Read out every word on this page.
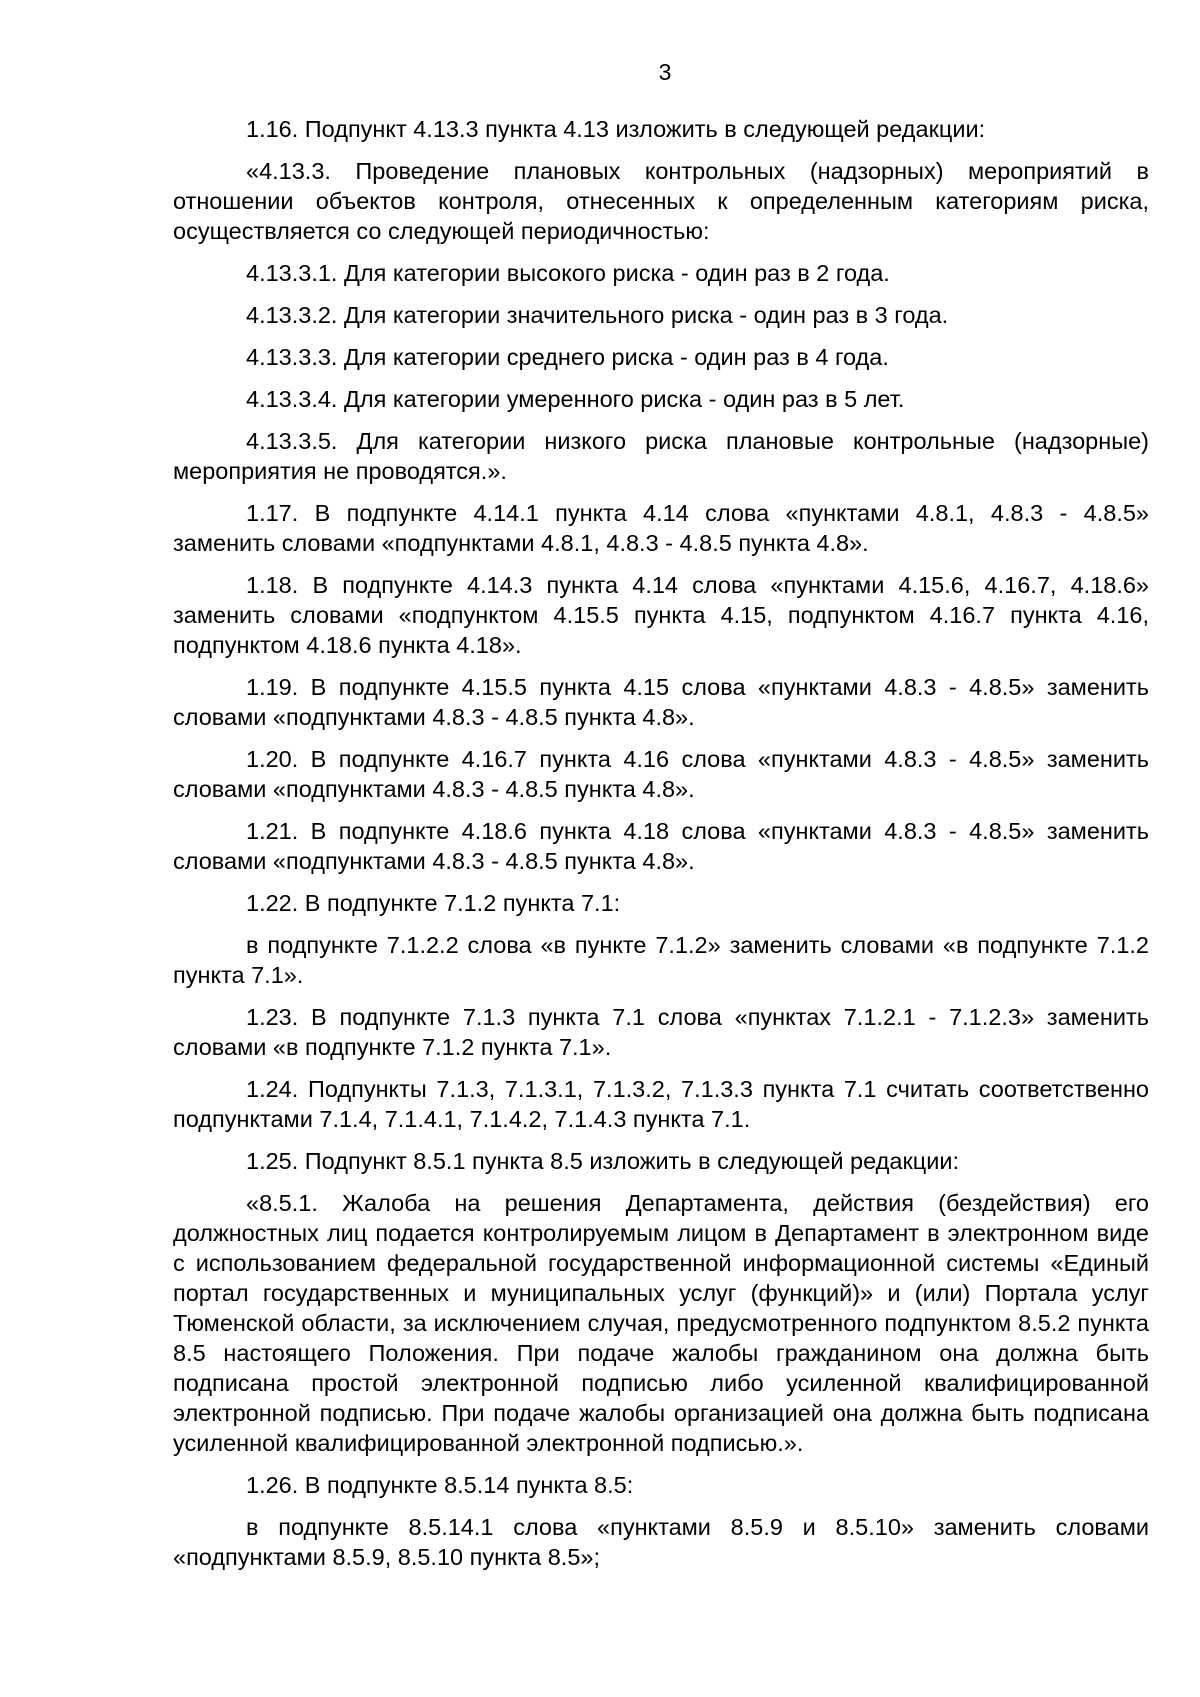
3

1.16. Подпункт 4.13.3 пункта 4.13 изложить в следующей редакции:

«4.13.3. Проведение плановых контрольных (надзорных) мероприятий в отношении объектов контроля, отнесенных к определенным категориям риска, осуществляется со следующей периодичностью:

4.13.3.1. Для категории высокого риска - один раз в 2 года.

4.13.3.2. Для категории значительного риска - один раз в 3 года.

4.13.3.3. Для категории среднего риска - один раз в 4 года.

4.13.3.4. Для категории умеренного риска - один раз в 5 лет.

4.13.3.5. Для категории низкого риска плановые контрольные (надзорные) мероприятия не проводятся.».

1.17. В подпункте 4.14.1 пункта 4.14 слова «пунктами 4.8.1, 4.8.3 - 4.8.5» заменить словами «подпунктами 4.8.1, 4.8.3 - 4.8.5 пункта 4.8».

1.18. В подпункте 4.14.3 пункта 4.14 слова «пунктами 4.15.6, 4.16.7, 4.18.6» заменить словами «подпунктом 4.15.5 пункта 4.15, подпунктом 4.16.7 пункта 4.16, подпунктом 4.18.6 пункта 4.18».

1.19. В подпункте 4.15.5 пункта 4.15 слова «пунктами 4.8.3 - 4.8.5» заменить словами «подпунктами 4.8.3 - 4.8.5 пункта 4.8».

1.20. В подпункте 4.16.7 пункта 4.16 слова «пунктами 4.8.3 - 4.8.5» заменить словами «подпунктами 4.8.3 - 4.8.5 пункта 4.8».

1.21. В подпункте 4.18.6 пункта 4.18 слова «пунктами 4.8.3 - 4.8.5» заменить словами «подпунктами 4.8.3 - 4.8.5 пункта 4.8».

1.22. В подпункте 7.1.2 пункта 7.1:

в подпункте 7.1.2.2 слова «в пункте 7.1.2» заменить словами «в подпункте 7.1.2 пункта 7.1».

1.23. В подпункте 7.1.3 пункта 7.1 слова «пунктах 7.1.2.1 - 7.1.2.3» заменить словами «в подпункте 7.1.2 пункта 7.1».

1.24. Подпункты 7.1.3, 7.1.3.1, 7.1.3.2, 7.1.3.3 пункта 7.1 считать соответственно подпунктами 7.1.4, 7.1.4.1, 7.1.4.2, 7.1.4.3 пункта 7.1.

1.25. Подпункт 8.5.1 пункта 8.5 изложить в следующей редакции:

«8.5.1. Жалоба на решения Департамента, действия (бездействия) его должностных лиц подается контролируемым лицом в Департамент в электронном виде с использованием федеральной государственной информационной системы «Единый портал государственных и муниципальных услуг (функций)» и (или) Портала услуг Тюменской области, за исключением случая, предусмотренного подпунктом 8.5.2 пункта 8.5 настоящего Положения. При подаче жалобы гражданином она должна быть подписана простой электронной подписью либо усиленной квалифицированной электронной подписью. При подаче жалобы организацией она должна быть подписана усиленной квалифицированной электронной подписью.».

1.26. В подпункте 8.5.14 пункта 8.5:

в подпункте 8.5.14.1 слова «пунктами 8.5.9 и 8.5.10» заменить словами «подпунктами 8.5.9, 8.5.10 пункта 8.5»;
